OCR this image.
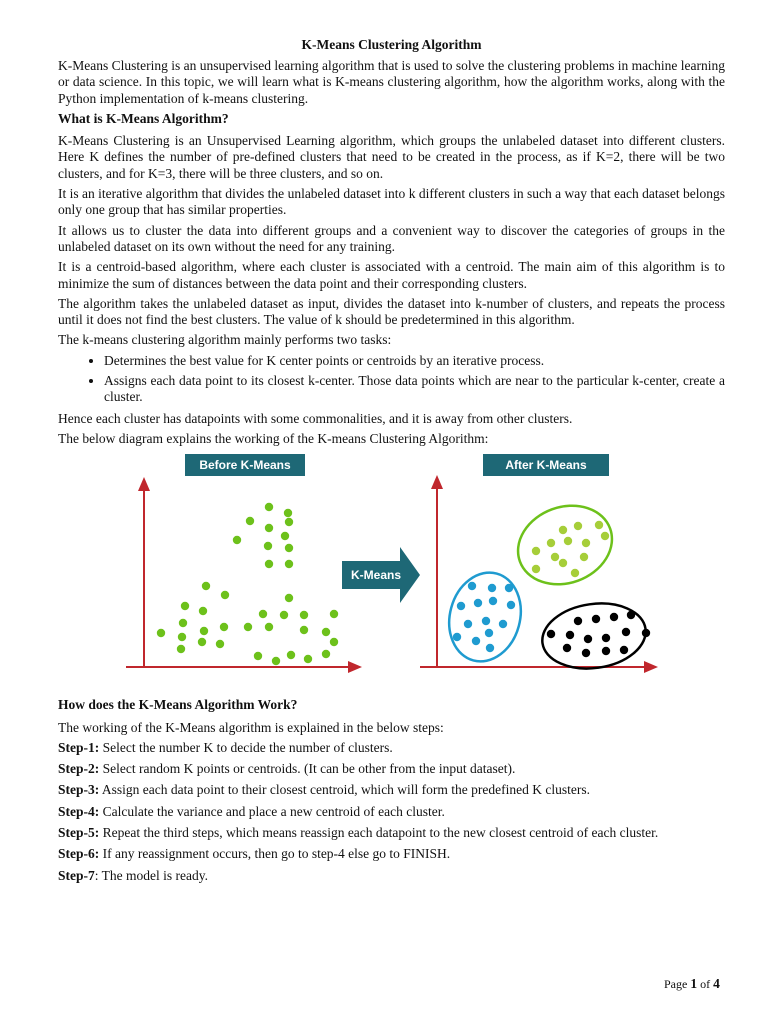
K-Means Clustering Algorithm

K-Means Clustering is an unsupervised learning algorithm that is used to solve the clustering problems in machine learning or data science. In this topic, we will learn what is K-means clustering algorithm, how the algorithm works, along with the Python implementation of k-means clustering.

What is K-Means Algorithm?

K-Means Clustering is an Unsupervised Learning algorithm, which groups the unlabeled dataset into different clusters. Here K defines the number of pre-defined clusters that need to be created in the process, as if K=2, there will be two clusters, and for K=3, there will be three clusters, and so on.

It is an iterative algorithm that divides the unlabeled dataset into k different clusters in such a way that each dataset belongs only one group that has similar properties.

It allows us to cluster the data into different groups and a convenient way to discover the categories of groups in the unlabeled dataset on its own without the need for any training.

It is a centroid-based algorithm, where each cluster is associated with a centroid. The main aim of this algorithm is to minimize the sum of distances between the data point and their corresponding clusters.

The algorithm takes the unlabeled dataset as input, divides the dataset into k-number of clusters, and repeats the process until it does not find the best clusters. The value of k should be predetermined in this algorithm.

The k-means clustering algorithm mainly performs two tasks:

• Determines the best value for K center points or centroids by an iterative process.
• Assigns each data point to its closest k-center. Those data points which are near to the particular k-center, create a cluster.

Hence each cluster has datapoints with some commonalities, and it is away from other clusters.

The below diagram explains the working of the K-means Clustering Algorithm:

Before K-Means	After K-Means
K-Means
How does the K-Means Algorithm Work?

The working of the K-Means algorithm is explained in the below steps:

Step-1: Select the number K to decide the number of clusters.
Step-2: Select random K points or centroids. (It can be other from the input dataset).
Step-3: Assign each data point to their closest centroid, which will form the predefined K clusters.
Step-4: Calculate the variance and place a new centroid of each cluster.
Step-5: Repeat the third steps, which means reassign each datapoint to the new closest centroid of each cluster.
Step-6: If any reassignment occurs, then go to step-4 else go to FINISH.
Step-7: The model is ready.
Page 1 of 4
